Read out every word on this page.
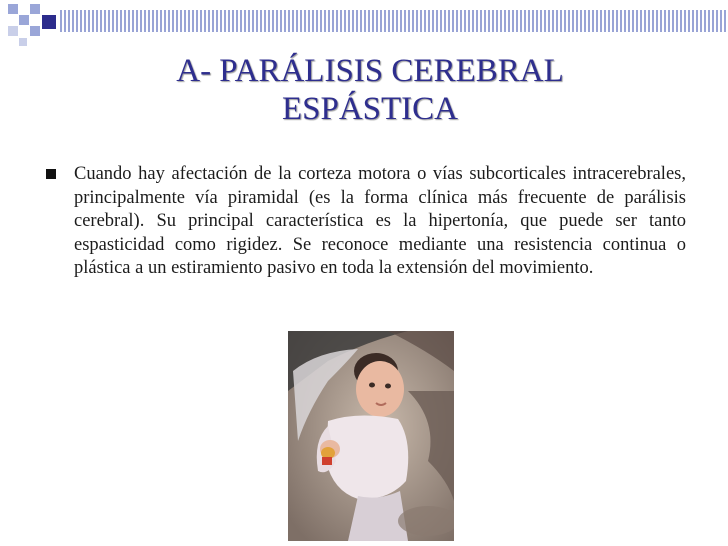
A- PARÁLISIS CEREBRAL
ESPÁSTICA

Cuando hay afectación de la corteza motora o vías subcorticales intracerebrales, principalmente vía piramidal (es la forma clínica más frecuente de parálisis cerebral). Su principal característica es la hipertonía, que puede ser tanto espasticidad como rigidez. Se reconoce mediante una resistencia continua o plástica a un estiramiento pasivo en toda la extensión del movimiento.
